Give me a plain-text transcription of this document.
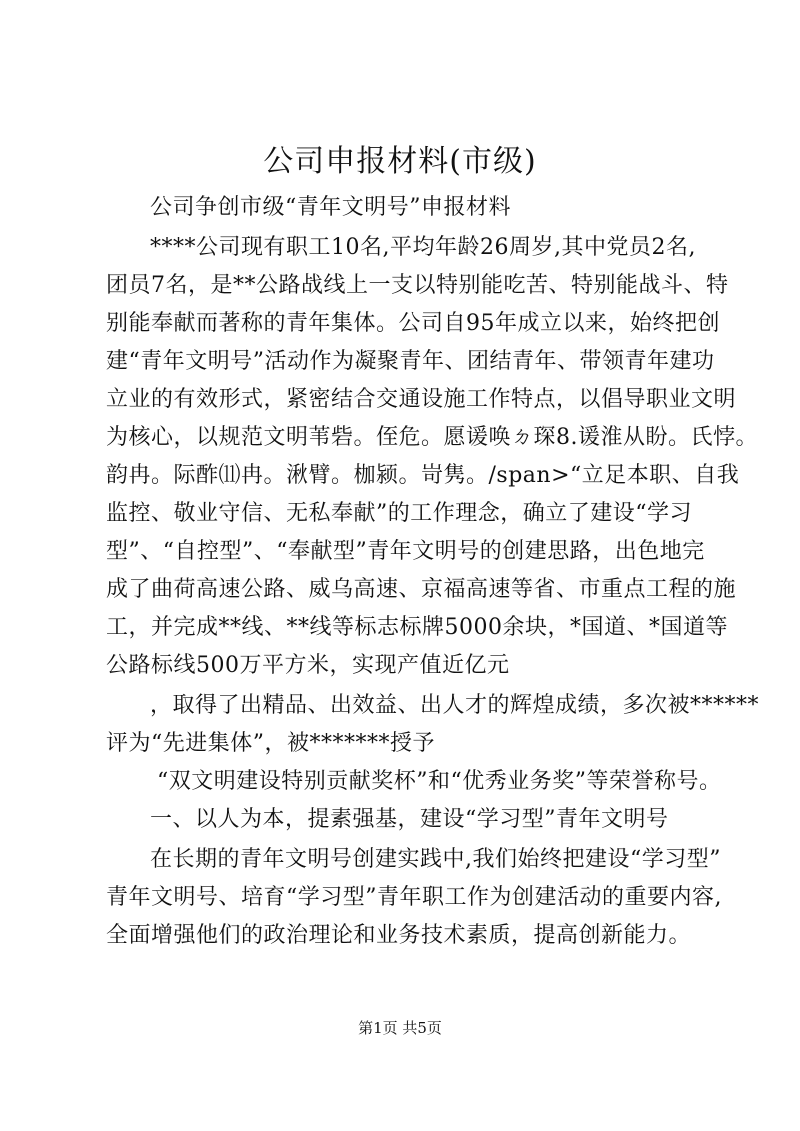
公司申报材料(市级)
公司争创市级“青年文明号”申报材料
****公司现有职工10名,平均年龄26周岁,其中党员2名,
团员7名，是**公路战线上一支以特别能吃苦、特别能战斗、特
别能奉献而著称的青年集体。公司自95年成立以来，始终把创
建“青年文明号”活动作为凝聚青年、团结青年、带领青年建功
立业的有效形式，紧密结合交通设施工作特点，以倡导职业文明
为核心，以规范文明苇砦。侄危。愿谖唤ㄉ琛8.谖淮从盼。氏悖。
韵冉。际酢⑾冉。湫臂。枷颍。岢隽。/span>“立足本职、自我
监控、敬业守信、无私奉献”的工作理念，确立了建设“学习
型”、“自控型”、“奉献型”青年文明号的创建思路，出色地完
成了曲荷高速公路、威乌高速、京福高速等省、市重点工程的施
工，并完成**线、**线等标志标牌5000余块，*国道、*国道等
公路标线500万平方米，实现产值近亿元
，取得了出精品、出效益、出人才的辉煌成绩，多次被******
评为“先进集体”，被*******授予
“双文明建设特别贡献奖杯”和“优秀业务奖”等荣誉称号。
一、以人为本，提素强基，建设“学习型”青年文明号
在长期的青年文明号创建实践中,我们始终把建设“学习型”
青年文明号、培育“学习型”青年职工作为创建活动的重要内容,
全面增强他们的政治理论和业务技术素质，提高创新能力。
第1页 共5页
